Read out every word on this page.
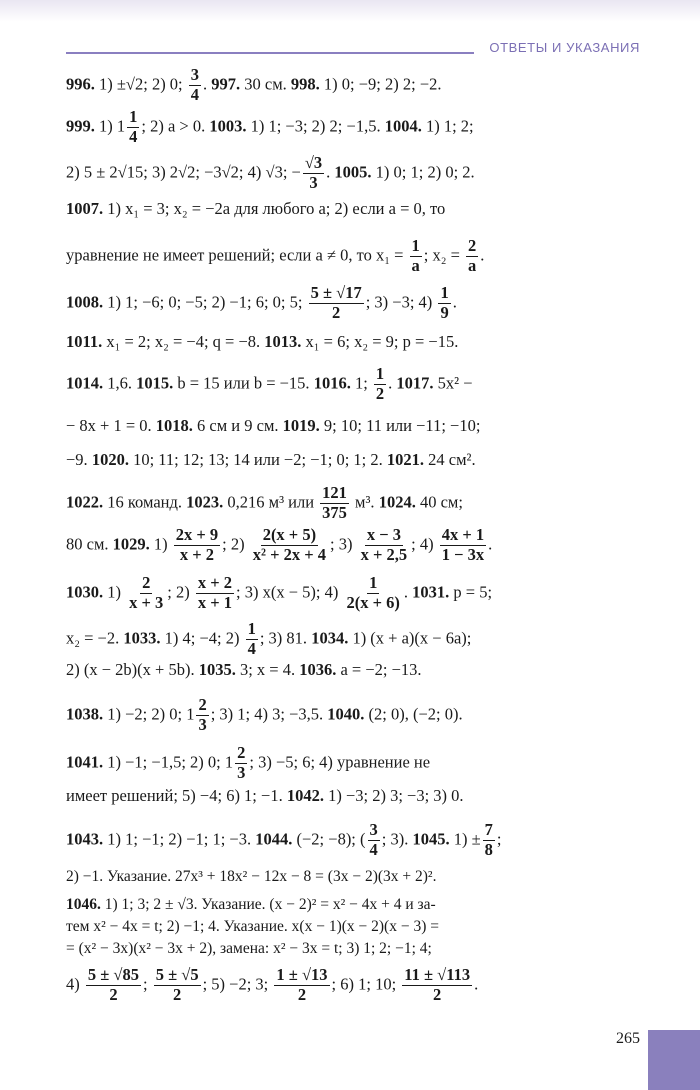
ОТВЕТЫ И УКАЗАНИЯ
996. 1) ±√2; 2) 0; $\frac{3}{4}$ . 997. 30 см. 998. 1) 0; −9; 2) 2; −2.
999. 1) $1 \frac{1}{4}$ ; 2) a > 0. 1003. 1) 1; −3; 2) 2; −1,5. 1004. 1) 1; 2;
2) 5 ± 2√15; 3) 2√2; −3√2; 4) √3; − $\frac{√3}{3}$ . 1005. 1) 0; 1; 2) 0; 2.
1007. 1) x₁ = 3; x₂ = −2a для любого a; 2) если a = 0, то
уравнение не имеет решений; если a ≠ 0, то $x_1 = \frac{1}{a}$ ; $x_2 = \frac{2}{a}$ .
1008. 1) 1; −6; 0; −5; 2) −1; 6; 0; 5; $\frac{5 \pm √17}{2}$ ; 3) −3; $4) \frac{1}{9}$ .
1011. x₁ = 2; x₂ = −4; q = −8. 1013. x₁ = 6; x₂ = 9; p = −15.
1014. 1,6. 1015. b = 15 или b = −15. 1016. 1; $\frac{1}{2}$ . 1017. 5x² −
− 8x + 1 = 0. 1018. 6 см и 9 см. 1019. 9; 10; 11 или −11; −10;
−9. 1020. 10; 11; 12; 13; 14 или −2; −1; 0; 1; 2. 1021. 24 см².
1022. 16 команд. 1023. 0,216 м³ или $\frac{121}{375} м^3$. 1024. 40 см;
80 см. 1029. $1) \frac{2x + 9}{x + 2}$ ; $2) \frac{2(x + 5)}{\text{x² + 2x + 4}}$ ; $3) \frac{x - 3}{x + 2,5}$ ; $4) \frac{4x + 1}{1 - 3x}$ .
1030. $1) \frac{2}{x + 3}$ ; $2) \frac{x + 2}{x + 1}$ ; 3) x(x − 5); $4) \frac{1}{2(x + 6)}$ . 1031. p = 5;
x₂ = −2. 1033. 1) 4; −4; $2) \frac{1}{4}$ ; 3) 81. 1034. 1) (x + a)(x − 6a);
2) (x − 2b)(x + 5b). 1035. 3; x = 4. 1036. a = −2; −13.
1038. 1) −2; 2) 0; $1 \frac{2}{3}$ ; 3) 1; 4) 3; −3,5. 1040. (2; 0), (−2; 0).
1041. 1) −1; −1,5; 2) 0; $1 \frac{2}{3}$ ; 3) −5; 6; 4) уравнение не
имеет решений; 5) −4; 6) 1; −1. 1042. 1) −3; 2) 3; −3; 3) 0.
1043. 1) 1; −1; 2) −1; 1; −3. 1044. (−2; −8); ( $\frac{3}{4}$ ; 3). 1045. $1) \pm \frac{7}{8}$ ;
2) −1. Указание. 27x³ + 18x² − 12x − 8 = (3x − 2)(3x + 2)².
1046. 1) 1; 3; 2 ± √3. Указание. (x − 2)² = x² − 4x + 4 и за-
тем x² − 4x = t; 2) −1; 4. Указание. x(x − 1)(x − 2)(x − 3) =
= (x² − 3x)(x² − 3x + 2), замена: x² − 3x = t; 3) 1; 2; −1; 4;
$4) \frac{5 \pm √85}{2}$ ; $\frac{5 \pm √5}{2}$ ; 5) −2; 3; $\frac{1 \pm √13}{2}$ ; 6) 1; 10; $\frac{11 \pm √113}{2}$ .
265
